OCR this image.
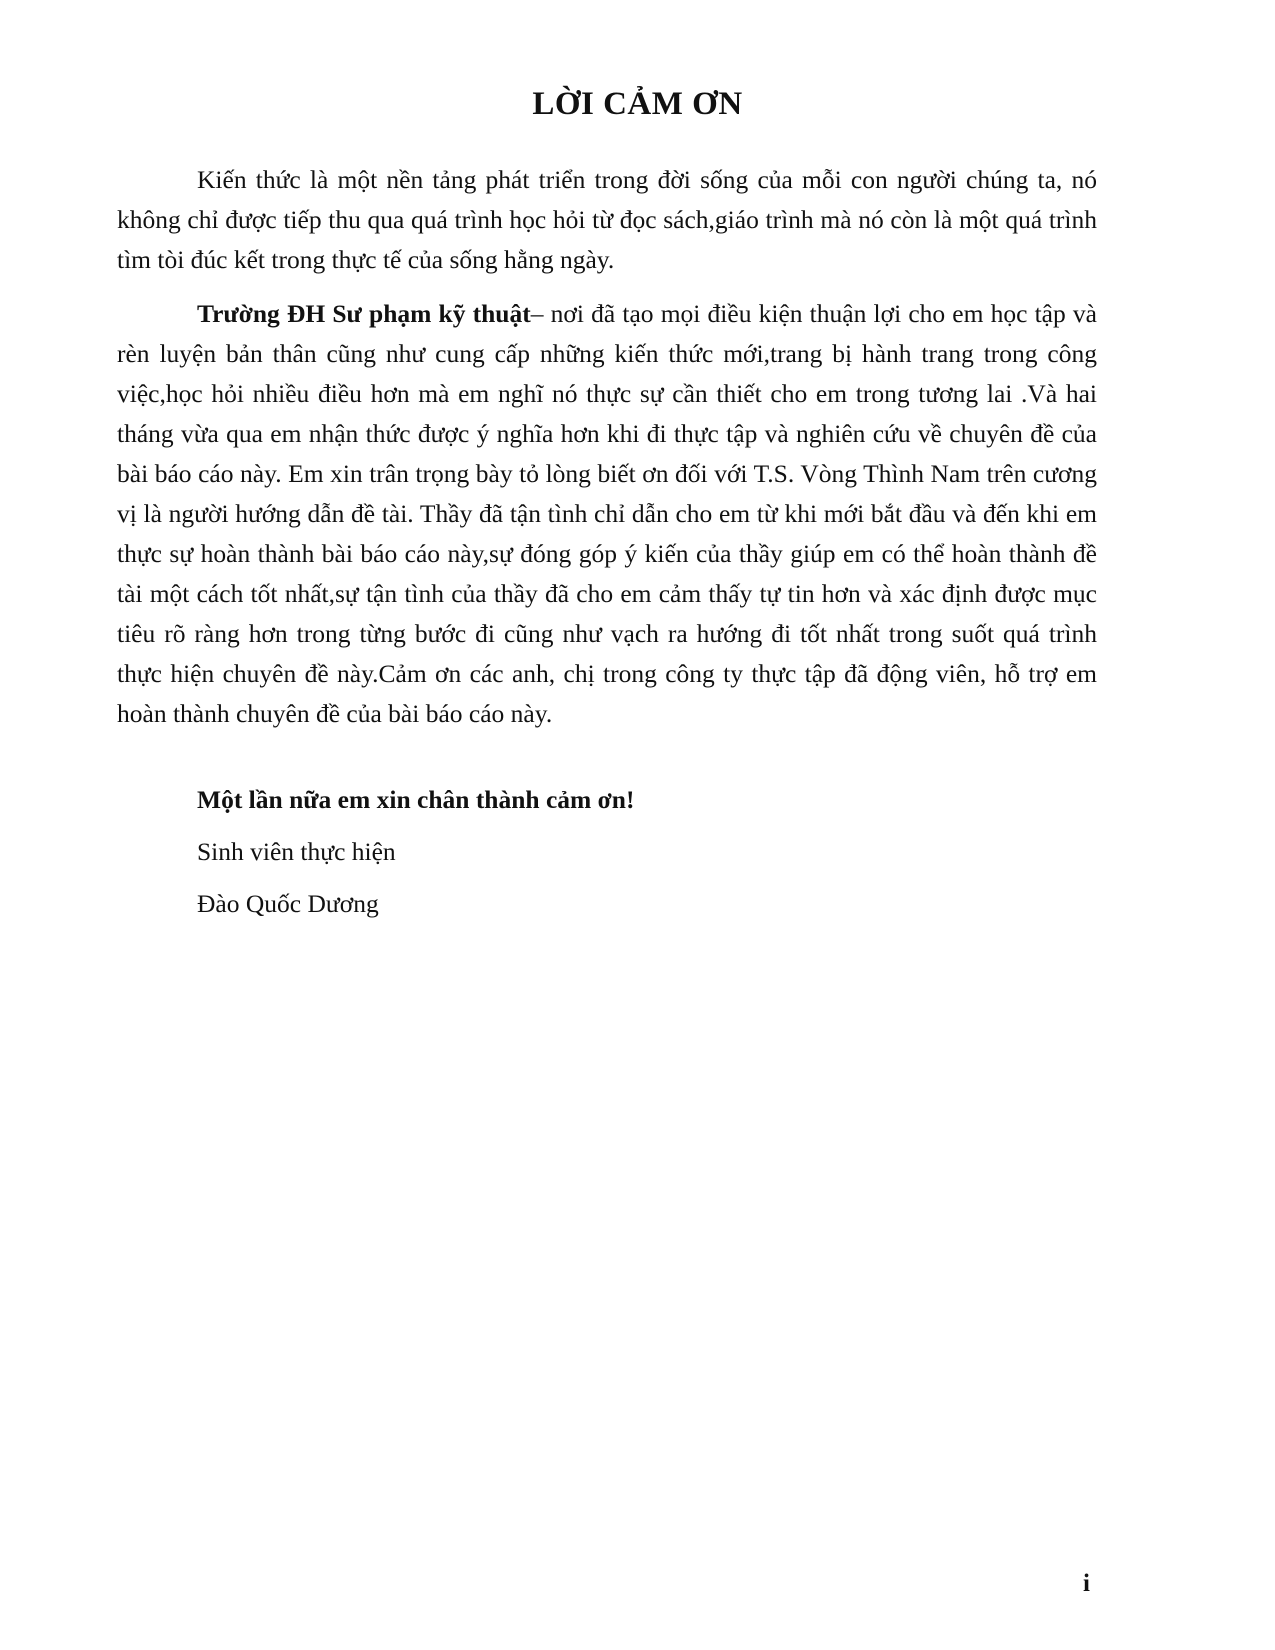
LỜI CẢM ƠN

Kiến thức là một nền tảng phát triển trong đời sống của mỗi con người chúng ta, nó không chỉ được tiếp thu qua quá trình học hỏi từ đọc sách,giáo trình mà nó còn là một quá trình tìm tòi đúc kết trong thực tế của sống hằng ngày.

Trường ĐH Sư phạm kỹ thuật– nơi đã tạo mọi điều kiện thuận lợi cho em học tập và rèn luyện bản thân cũng như cung cấp những kiến thức mới,trang bị hành trang trong công việc,học hỏi nhiều điều hơn mà em nghĩ nó thực sự cần thiết cho em trong tương lai .Và hai tháng vừa qua em nhận thức được ý nghĩa hơn khi đi thực tập và nghiên cứu về chuyên đề của bài báo cáo này. Em xin trân trọng bày tỏ lòng biết ơn đối với T.S. Vòng Thình Nam trên cương vị là người hướng dẫn đề tài. Thầy đã tận tình chỉ dẫn cho em từ khi mới bắt đầu và đến khi em thực sự hoàn thành bài báo cáo này,sự đóng góp ý kiến của thầy giúp em có thể hoàn thành đề tài một cách tốt nhất,sự tận tình của thầy đã cho em cảm thấy tự tin hơn và xác định được mục tiêu rõ ràng hơn trong từng bước đi cũng như vạch ra hướng đi tốt nhất trong suốt quá trình thực hiện chuyên đề này.Cảm ơn các anh, chị trong công ty thực tập đã động viên, hỗ trợ em hoàn thành chuyên đề của bài báo cáo này.

Một lần nữa em xin chân thành cảm ơn!

Sinh viên thực hiện

Đào Quốc Dương

i
